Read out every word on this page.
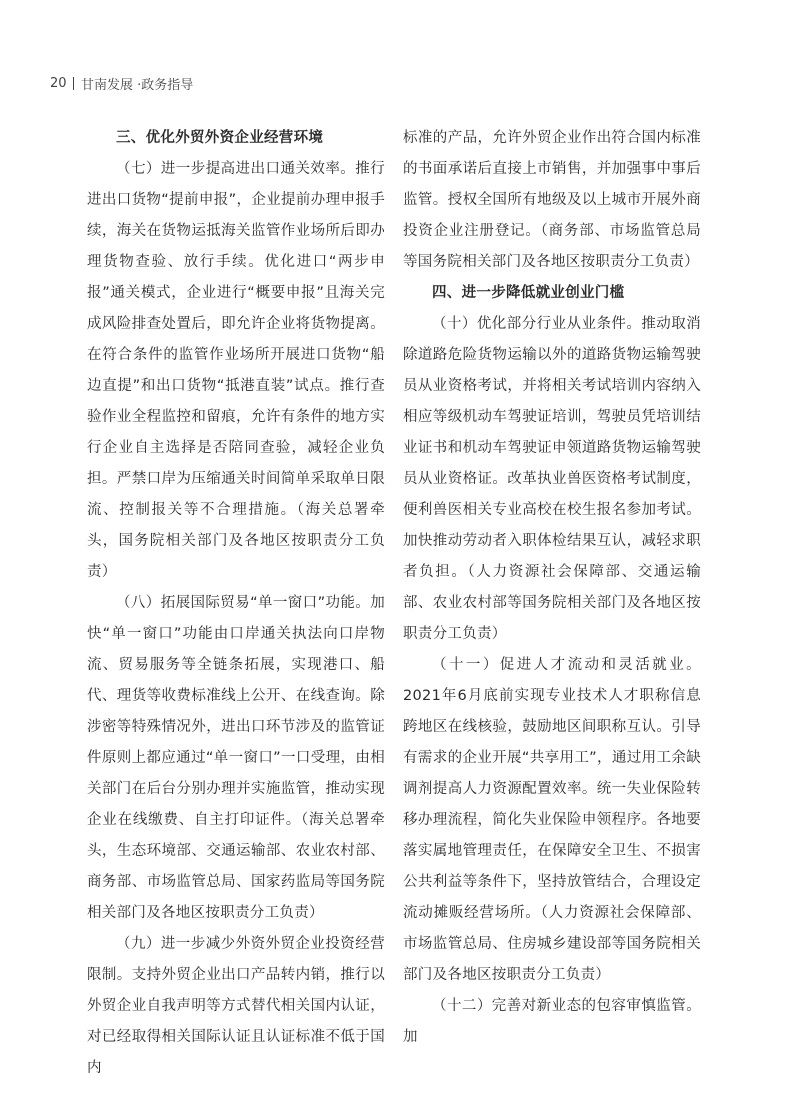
20 甘南发展 ·政务指导

三、优化外贸外资企业经营环境

（七）进一步提高进出口通关效率。推行进出口货物“提前申报”，企业提前办理申报手续，海关在货物运抵海关监管作业场所后即办理货物查验、放行手续。优化进口“两步申报”通关模式，企业进行“概要申报”且海关完成风险排查处置后，即允许企业将货物提离。在符合条件的监管作业场所开展进口货物“船边直提”和出口货物“抵港直装”试点。推行查验作业全程监控和留痕，允许有条件的地方实行企业自主选择是否陪同查验，减轻企业负担。严禁口岸为压缩通关时间简单采取单日限流、控制报关等不合理措施。（海关总署牵头，国务院相关部门及各地区按职责分工负责）

（八）拓展国际贸易“单一窗口”功能。加快“单一窗口”功能由口岸通关执法向口岸物流、贸易服务等全链条拓展，实现港口、船代、理货等收费标准线上公开、在线查询。除涉密等特殊情况外，进出口环节涉及的监管证件原则上都应通过“单一窗口”一口受理，由相关部门在后台分别办理并实施监管，推动实现企业在线缴费、自主打印证件。（海关总署牵头，生态环境部、交通运输部、农业农村部、商务部、市场监管总局、国家药监局等国务院相关部门及各地区按职责分工负责）

（九）进一步减少外资外贸企业投资经营限制。支持外贸企业出口产品转内销，推行以外贸企业自我声明等方式替代相关国内认证，对已经取得相关国际认证且认证标准不低于国内

标准的产品，允许外贸企业作出符合国内标准的书面承诺后直接上市销售，并加强事中事后监管。授权全国所有地级及以上城市开展外商投资企业注册登记。（商务部、市场监管总局等国务院相关部门及各地区按职责分工负责）

四、进一步降低就业创业门槛

（十）优化部分行业从业条件。推动取消除道路危险货物运输以外的道路货物运输驾驶员从业资格考试，并将相关考试培训内容纳入相应等级机动车驾驶证培训，驾驶员凭培训结业证书和机动车驾驶证申领道路货物运输驾驶员从业资格证。改革执业兽医资格考试制度，便利兽医相关专业高校在校生报名参加考试。加快推动劳动者入职体检结果互认，减轻求职者负担。（人力资源社会保障部、交通运输部、农业农村部等国务院相关部门及各地区按职责分工负责）

（十一）促进人才流动和灵活就业。2021年6月底前实现专业技术人才职称信息跨地区在线核验，鼓励地区间职称互认。引导有需求的企业开展“共享用工”，通过用工余缺调剂提高人力资源配置效率。统一失业保险转移办理流程，简化失业保险申领程序。各地要落实属地管理责任，在保障安全卫生、不损害公共利益等条件下，坚持放管结合，合理设定流动摊贩经营场所。（人力资源社会保障部、市场监管总局、住房城乡建设部等国务院相关部门及各地区按职责分工负责）

（十二）完善对新业态的包容审慎监管。加
